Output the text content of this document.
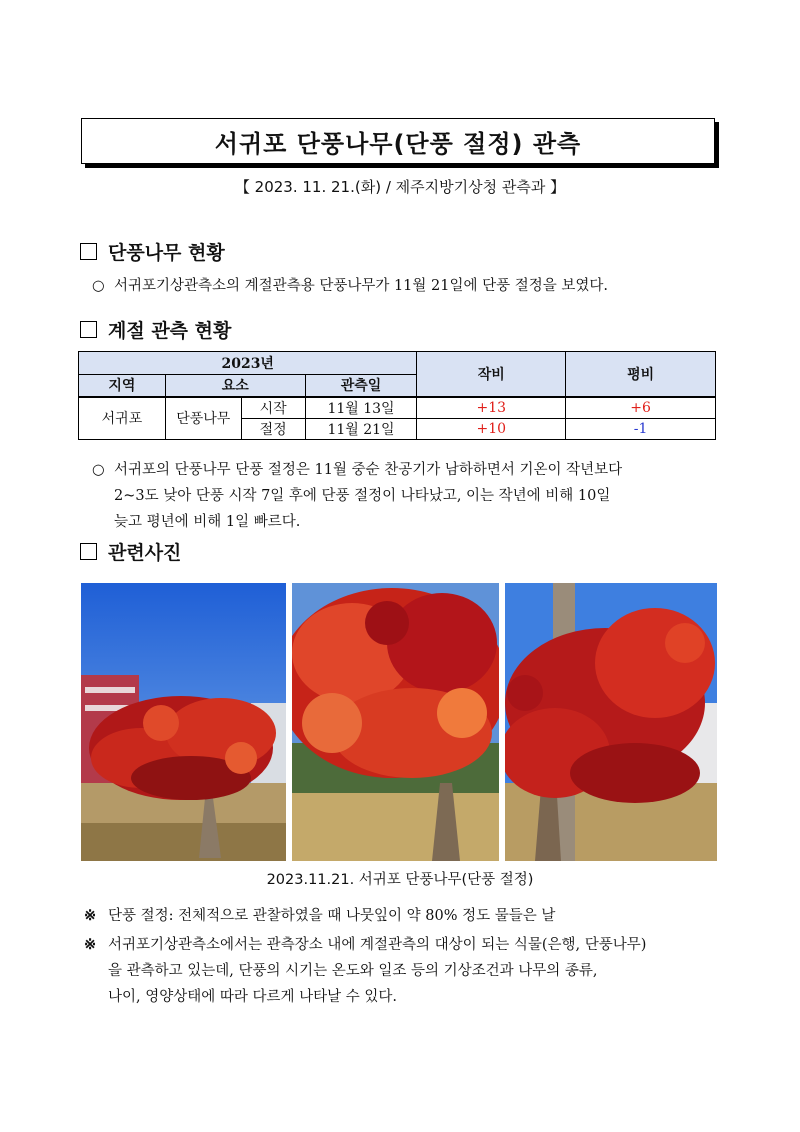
서귀포 단풍나무(단풍 절정) 관측
【 2023. 11. 21.(화) / 제주지방기상청 관측과 】
단풍나무 현황
○ 서귀포기상관측소의 계절관측용 단풍나무가 11월 21일에 단풍 절정을 보였다.
계절 관측 현황
2023년				작비	평비
지역	요소		관측일		
서귀포	단풍나무	시작	11월 13일	+13	+6
		절정	11월 21일	+10	-1
○ 서귀포의 단풍나무 단풍 절정은 11월 중순 찬공기가 남하하면서 기온이 작년보다
2~3도 낮아 단풍 시작 7일 후에 단풍 절정이 나타났고, 이는 작년에 비해 10일
늦고 평년에 비해 1일 빠르다.
관련사진
2023.11.21. 서귀포 단풍나무(단풍 절정)
※ 단풍 절정: 전체적으로 관찰하였을 때 나뭇잎이 약 80% 정도 물들은 날
※ 서귀포기상관측소에서는 관측장소 내에 계절관측의 대상이 되는 식물(은행, 단풍나무)
을 관측하고 있는데, 단풍의 시기는 온도와 일조 등의 기상조건과 나무의 종류,
나이, 영양상태에 따라 다르게 나타날 수 있다.
